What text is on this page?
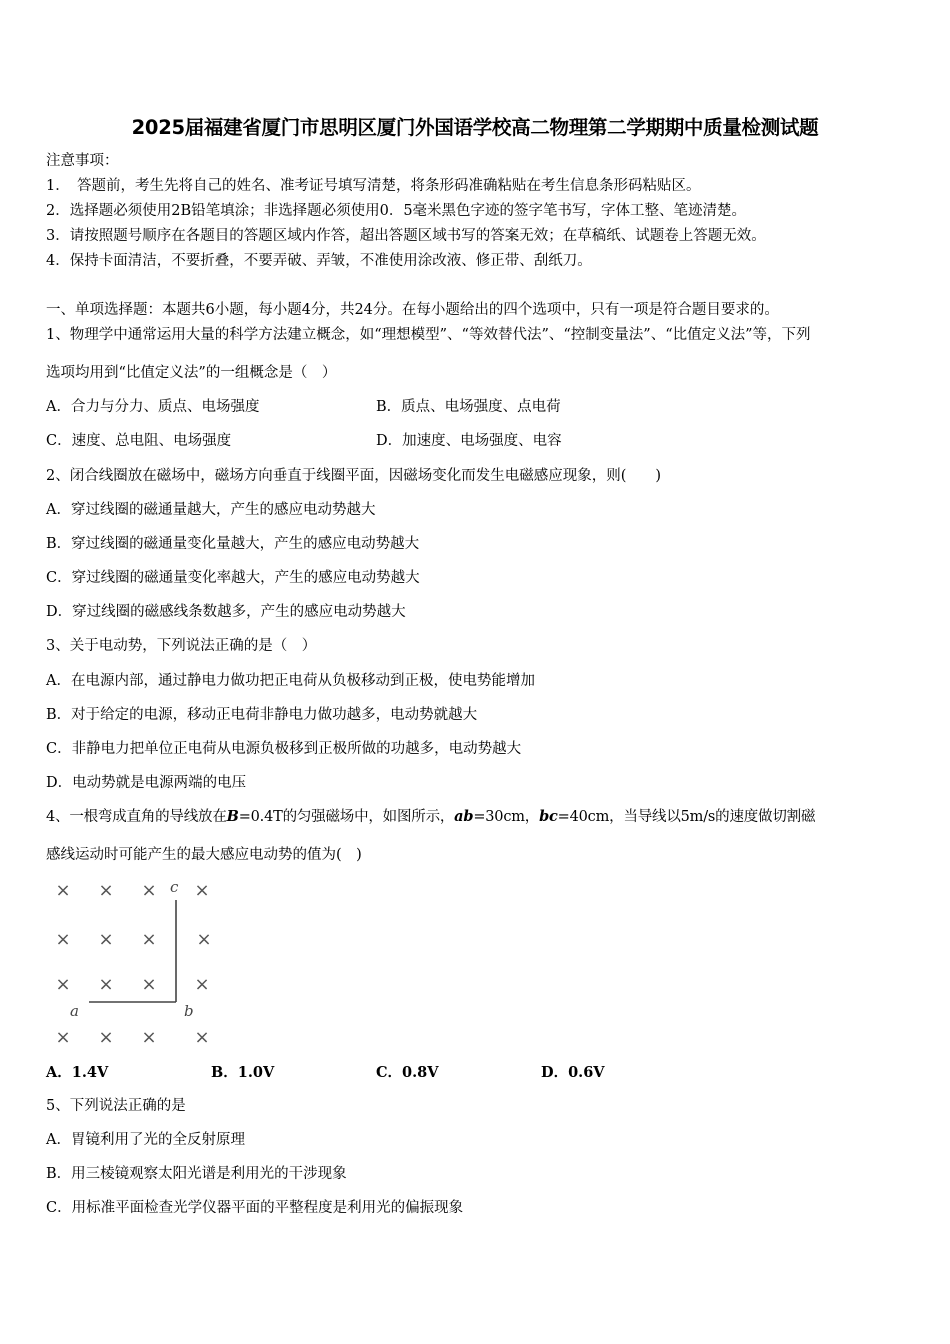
2025届福建省厦门市思明区厦门外国语学校高二物理第二学期期中质量检测试题
注意事项：
1．　答题前，考生先将自己的姓名、准考证号填写清楚，将条形码准确粘贴在考生信息条形码粘贴区。
2．选择题必须使用2B铅笔填涂；非选择题必须使用0．5毫米黑色字迹的签字笔书写，字体工整、笔迹清楚。
3．请按照题号顺序在各题目的答题区域内作答，超出答题区域书写的答案无效；在草稿纸、试题卷上答题无效。
4．保持卡面清洁，不要折叠，不要弄破、弄皱，不准使用涂改液、修正带、刮纸刀。
一、单项选择题：本题共6小题，每小题4分，共24分。在每小题给出的四个选项中，只有一项是符合题目要求的。
1、物理学中通常运用大量的科学方法建立概念，如“理想模型”、“等效替代法”、“控制变量法”、“比值定义法”等，下列
选项均用到“比值定义法”的一组概念是（　）
A．合力与分力、质点、电场强度	B．质点、电场强度、点电荷
C．速度、总电阻、电场强度	D．加速度、电场强度、电容
2、闭合线圈放在磁场中，磁场方向垂直于线圈平面，因磁场变化而发生电磁感应现象，则(　　)
A．穿过线圈的磁通量越大，产生的感应电动势越大
B．穿过线圈的磁通量变化量越大，产生的感应电动势越大
C．穿过线圈的磁通量变化率越大，产生的感应电动势越大
D．穿过线圈的磁感线条数越多，产生的感应电动势越大
3、关于电动势，下列说法正确的是（　）
A．在电源内部，通过静电力做功把正电荷从负极移动到正极，使电势能增加
B．对于给定的电源，移动正电荷非静电力做功越多，电动势就越大
C．非静电力把单位正电荷从电源负极移到正极所做的功越多，电动势越大
D．电动势就是电源两端的电压
4、一根弯成直角的导线放在B=0.4T的匀强磁场中，如图所示，ab=30cm，bc=40cm，当导线以5m/s的速度做切割磁
感线运动时可能产生的最大感应电动势的值为(　)
× × × ×
× × × ×
× × × ×
× × × ×
c
a	b
A．1.4V	B．1.0V	C．0.8V	D．0.6V
5、下列说法正确的是
A．胃镜利用了光的全反射原理
B．用三棱镜观察太阳光谱是利用光的干涉现象
C．用标准平面检查光学仪器平面的平整程度是利用光的偏振现象
